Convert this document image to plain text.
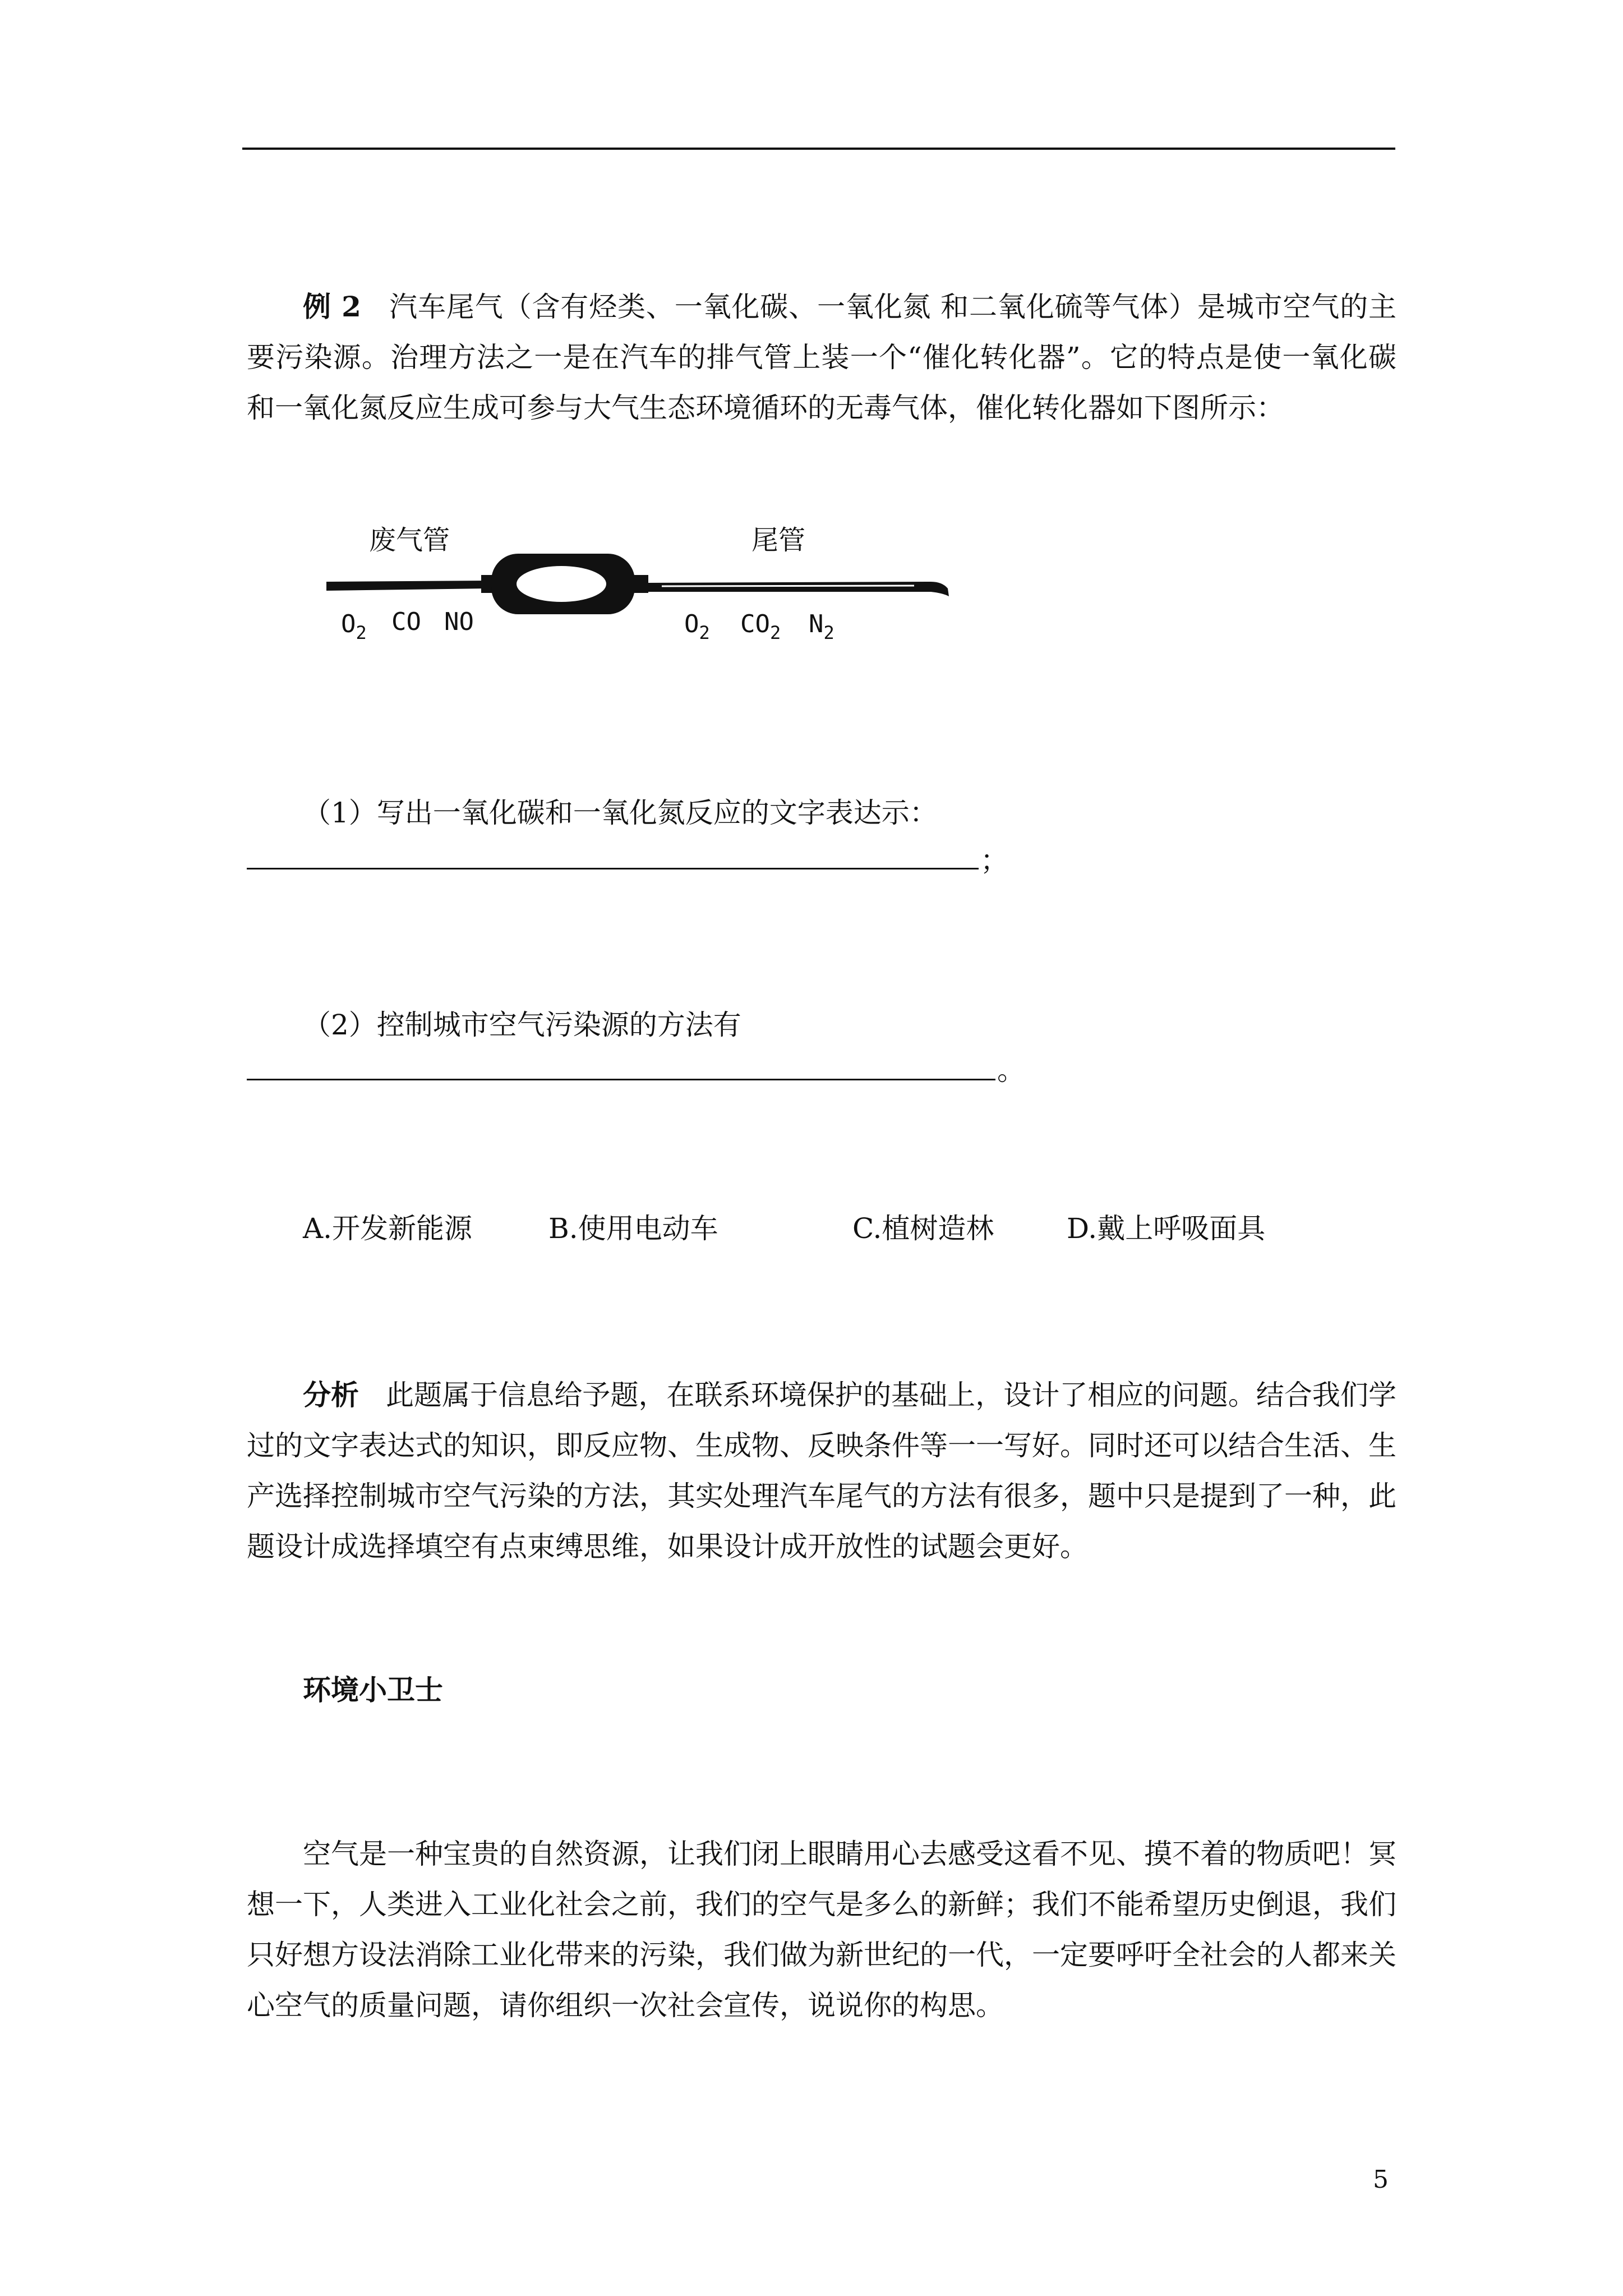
例 2 汽车尾气（含有烃类、一氧化碳、一氧化氮 和二氧化硫等气体）是城市空气的主要污染源。治理方法之一是在汽车的排气管上装一个“催化转化器”。它的特点是使一氧化碳和一氧化氮反应生成可参与大气生态环境循环的无毒气体，催化转化器如下图所示：
废气管	尾管
$O_2$ CO NO	$O_2$ $CO_2$ $N_2$
（1）写出一氧化碳和一氧化氮反应的文字表达示：
；
（2）控制城市空气污染源的方法有
。
A.开发新能源	B.使用电动车	C.植树造林	D.戴上呼吸面具
分析 此题属于信息给予题，在联系环境保护的基础上，设计了相应的问题。结合我们学过的文字表达式的知识，即反应物、生成物、反映条件等一一写好。同时还可以结合生活、生产选择控制城市空气污染的方法，其实处理汽车尾气的方法有很多，题中只是提到了一种，此题设计成选择填空有点束缚思维，如果设计成开放性的试题会更好。
环境小卫士
空气是一种宝贵的自然资源，让我们闭上眼睛用心去感受这看不见、摸不着的物质吧！冥想一下，人类进入工业化社会之前，我们的空气是多么的新鲜；我们不能希望历史倒退，我们只好想方设法消除工业化带来的污染，我们做为新世纪的一代，一定要呼吁全社会的人都来关心空气的质量问题，请你组织一次社会宣传，说说你的构思。
5
